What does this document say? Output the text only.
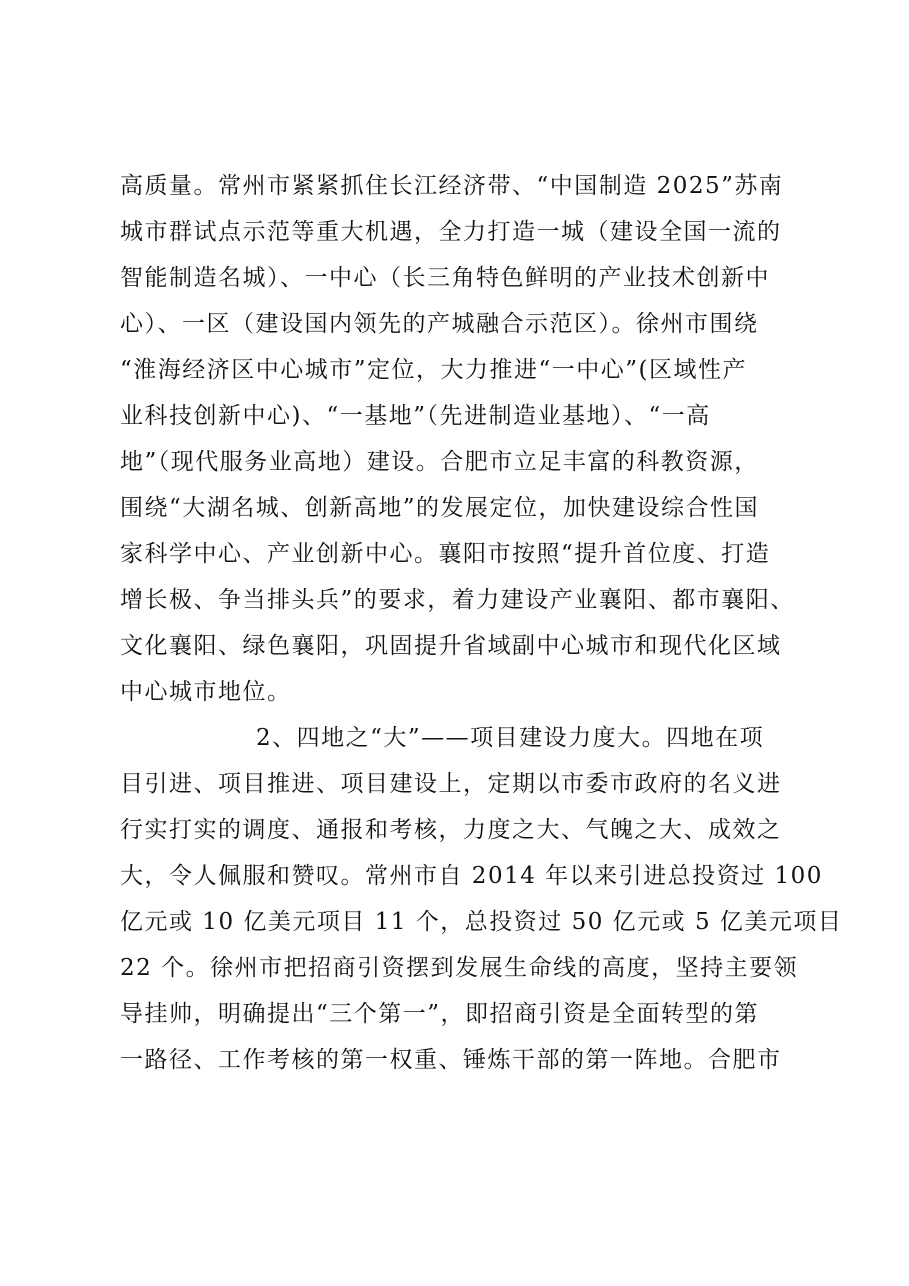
高质量。常州市紧紧抓住长江经济带、“中国制造 2025”苏南
城市群试点示范等重大机遇，全力打造一城（建设全国一流的
智能制造名城）、一中心（长三角特色鲜明的产业技术创新中
心）、一区（建设国内领先的产城融合示范区）。徐州市围绕
“淮海经济区中心城市”定位，大力推进“一中心”(区域性产
业科技创新中心)、“一基地”（先进制造业基地）、“一高
地”（现代服务业高地）建设。合肥市立足丰富的科教资源，
围绕“大湖名城、创新高地”的发展定位，加快建设综合性国
家科学中心、产业创新中心。襄阳市按照“提升首位度、打造
增长极、争当排头兵”的要求，着力建设产业襄阳、都市襄阳、
文化襄阳、绿色襄阳，巩固提升省域副中心城市和现代化区域
中心城市地位。
2、四地之“大”——项目建设力度大。四地在项
目引进、项目推进、项目建设上，定期以市委市政府的名义进
行实打实的调度、通报和考核，力度之大、气魄之大、成效之
大，令人佩服和赞叹。常州市自 2014 年以来引进总投资过 100
亿元或 10 亿美元项目 11 个，总投资过 50 亿元或 5 亿美元项目
22 个。徐州市把招商引资摆到发展生命线的高度，坚持主要领
导挂帅，明确提出“三个第一”，即招商引资是全面转型的第
一路径、工作考核的第一权重、锤炼干部的第一阵地。合肥市
